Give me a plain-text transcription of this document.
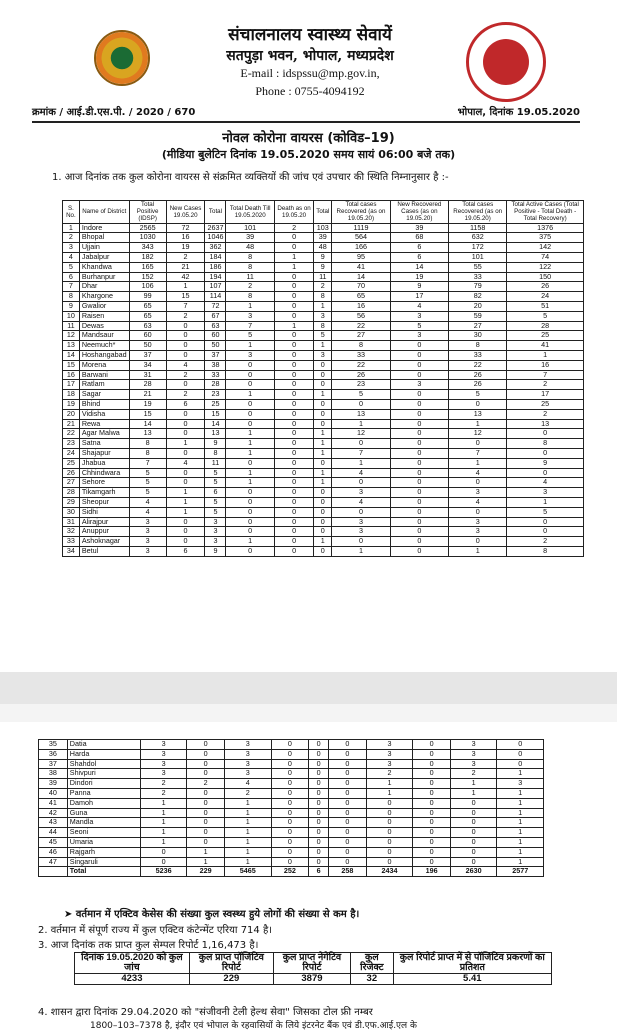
संचालनालय स्वास्थ्य सेवायें
सतपुड़ा भवन, भोपाल, मध्यप्रदेश
E-mail : idspssu@mp.gov.in,
Phone : 0755-4094192
क्रमांक / आई.डी.एस.पी. / 2020 / 670	भोपाल, दिनांक 19.05.2020
नोवल कोरोना वायरस (कोविड–19)
(मीडिया बुलेटिन दिनांक 19.05.2020 समय सायं 06:00 बजे तक)
1. आज दिनांक तक कुल कोरोना वायरस से संक्रमित व्यक्तियों की जांच एवं उपचार की स्थिति निम्नानुसार है :-
S. No.	Name of District	Total Positive (IDSP)	New Cases 19.05.20	Total	Total Death Till 19.05.2020	Death as on 19.05.20	Total	Total cases Recovered (as on 19.05.20)	New Recovered Cases (as on 19.05.20)	Total cases Recovered (as on 19.05.20)	Total Active Cases (Total Positive - Total Death - Total Recovery)
1	Indore	2565	72	2637	101	2	103	1119	39	1158	1376
2	Bhopal	1030	16	1046	39	0	39	564	68	632	375
3	Ujjain	343	19	362	48	0	48	166	6	172	142
4	Jabalpur	182	2	184	8	1	9	95	6	101	74
5	Khandwa	165	21	186	8	1	9	41	14	55	122
6	Burhanpur	152	42	194	11	0	11	14	19	33	150
7	Dhar	106	1	107	2	0	2	70	9	79	26
8	Khargone	99	15	114	8	0	8	65	17	82	24
9	Gwalior	65	7	72	1	0	1	16	4	20	51
10	Raisen	65	2	67	3	0	3	56	3	59	5
11	Dewas	63	0	63	7	1	8	22	5	27	28
12	Mandsaur	60	0	60	5	0	5	27	3	30	25
13	Neemuch*	50	0	50	1	0	1	8	0	8	41
14	Hoshangabad	37	0	37	3	0	3	33	0	33	1
15	Morena	34	4	38	0	0	0	22	0	22	16
16	Barwani	31	2	33	0	0	0	26	0	26	7
17	Ratlam	28	0	28	0	0	0	23	3	26	2
18	Sagar	21	2	23	1	0	1	5	0	5	17
19	Bhind	19	6	25	0	0	0	0	0	0	25
20	Vidisha	15	0	15	0	0	0	13	0	13	2
21	Rewa	14	0	14	0	0	0	1	0	1	13
22	Agar Malwa	13	0	13	1	0	1	12	0	12	0
23	Satna	8	1	9	1	0	1	0	0	0	8
24	Shajapur	8	0	8	1	0	1	7	0	7	0
25	Jhabua	7	4	11	0	0	0	1	0	1	9
26	Chhindwara	5	0	5	1	0	1	4	0	4	0
27	Sehore	5	0	5	1	0	1	0	0	0	4
28	Tikamgarh	5	1	6	0	0	0	3	0	3	3
29	Sheopur	4	1	5	0	0	0	4	0	4	1
30	Sidhi	4	1	5	0	0	0	0	0	0	5
31	Alirajpur	3	0	3	0	0	0	3	0	3	0
32	Anuppur	3	0	3	0	0	0	3	0	3	0
33	Ashoknagar	3	0	3	1	0	1	0	0	0	2
34	Betul	3	6	9	0	0	0	1	0	1	8
35	Datia	3	0	3	0	0	0	3	0	3	0
36	Harda	3	0	3	0	0	0	3	0	3	0
37	Shahdol	3	0	3	0	0	0	3	0	3	0
38	Shivpuri	3	0	3	0	0	0	2	0	2	1
39	Dindori	2	2	4	0	0	0	1	0	1	3
40	Panna	2	0	2	0	0	0	1	0	1	1
41	Damoh	1	0	1	0	0	0	0	0	0	1
42	Guna	1	0	1	0	0	0	0	0	0	1
43	Mandla	1	0	1	0	0	0	0	0	0	1
44	Seoni	1	0	1	0	0	0	0	0	0	1
45	Umaria	1	0	1	0	0	0	0	0	0	1
46	Rajgarh	0	1	1	0	0	0	0	0	0	1
47	Singaruli	0	1	1	0	0	0	0	0	0	1
	Total	5236	229	5465	252	6	258	2434	196	2630	2577
➤ वर्तमान में एक्टिव केसेस की संख्या कुल स्वस्थ्य हुये लोगों की संख्या से कम है।
2. वर्तमान में संपूर्ण राज्य में कुल एक्टिव कंटेन्मेंट एरिया 714 है।
3. आज दिनांक तक प्राप्त कुल सेम्पल रिपोर्ट 1,16,473 है।
दिनांक 19.05.2020 को कुल जांच	कुल प्राप्त पॉजिटिव रिपोर्ट	कुल प्राप्त नेगेटिव रिपोर्ट	कुल रिजेक्ट	कुल रिपोर्ट प्राप्त में से पॉजिटिव प्रकरणों का प्रतिशत
4233	229	3879	32	5.41
4. शासन द्वारा दिनांक 29.04.2020 को "संजीवनी टेली हेल्थ सेवा" जिसका टोल फ्री नम्बर
1800–103–7378 है, इंदौर एवं भोपाल के रहवासियों के लिये इंटरनेट बैंक एवं डी.एफ.आई.एल के
